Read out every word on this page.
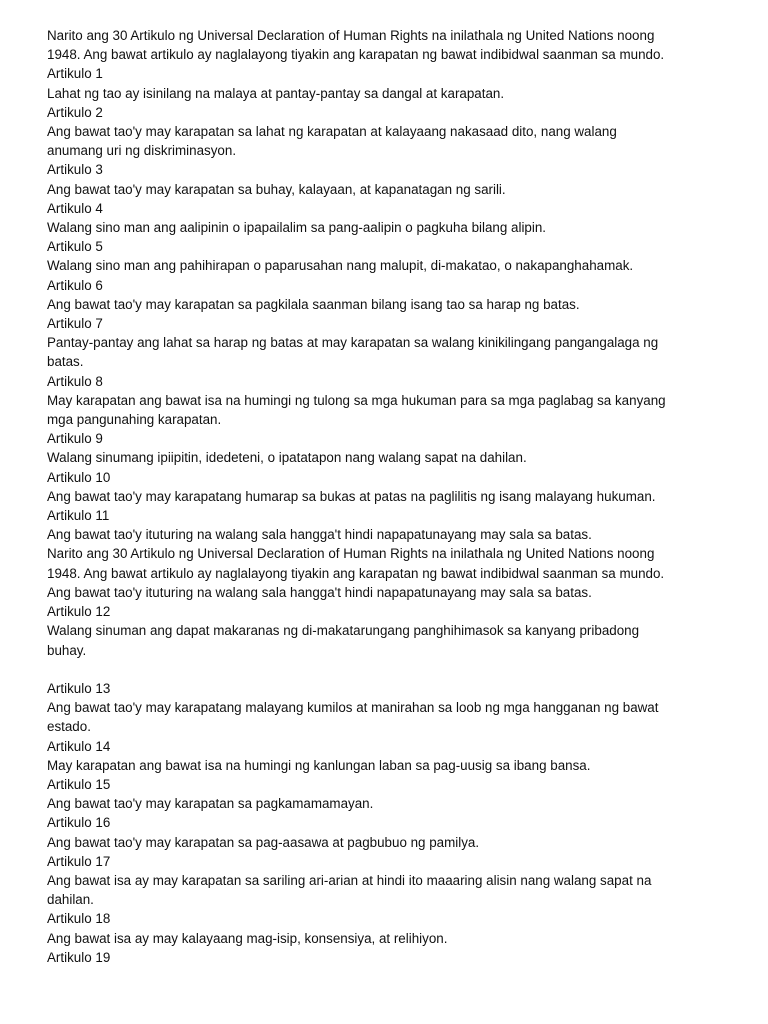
Narito ang 30 Artikulo ng Universal Declaration of Human Rights na inilathala ng United Nations noong
1948. Ang bawat artikulo ay naglalayong tiyakin ang karapatan ng bawat indibidwal saanman sa mundo.
Artikulo 1
Lahat ng tao ay isinilang na malaya at pantay-pantay sa dangal at karapatan.
Artikulo 2
Ang bawat tao'y may karapatan sa lahat ng karapatan at kalayaang nakasaad dito, nang walang
anumang uri ng diskriminasyon.
Artikulo 3
Ang bawat tao'y may karapatan sa buhay, kalayaan, at kapanatagan ng sarili.
Artikulo 4
Walang sino man ang aalipinin o ipapailalim sa pang-aalipin o pagkuha bilang alipin.
Artikulo 5
Walang sino man ang pahihirapan o paparusahan nang malupit, di-makatao, o nakapanghahamak.
Artikulo 6
Ang bawat tao'y may karapatan sa pagkilala saanman bilang isang tao sa harap ng batas.
Artikulo 7
Pantay-pantay ang lahat sa harap ng batas at may karapatan sa walang kinikilingang pangangalaga ng
batas.
Artikulo 8
May karapatan ang bawat isa na humingi ng tulong sa mga hukuman para sa mga paglabag sa kanyang
mga pangunahing karapatan.
Artikulo 9
Walang sinumang ipiipitin, idedeteni, o ipatatapon nang walang sapat na dahilan.
Artikulo 10
Ang bawat tao'y may karapatang humarap sa bukas at patas na paglilitis ng isang malayang hukuman.
Artikulo 11
Ang bawat tao'y ituturing na walang sala hangga't hindi napapatunayang may sala sa batas.
Narito ang 30 Artikulo ng Universal Declaration of Human Rights na inilathala ng United Nations noong
1948. Ang bawat artikulo ay naglalayong tiyakin ang karapatan ng bawat indibidwal saanman sa mundo.
Ang bawat tao'y ituturing na walang sala hangga't hindi napapatunayang may sala sa batas.
Artikulo 12
Walang sinuman ang dapat makaranas ng di-makatarungang panghihimasok sa kanyang pribadong
buhay.
Artikulo 13
Ang bawat tao'y may karapatang malayang kumilos at manirahan sa loob ng mga hangganan ng bawat
estado.
Artikulo 14
May karapatan ang bawat isa na humingi ng kanlungan laban sa pag-uusig sa ibang bansa.
Artikulo 15
Ang bawat tao'y may karapatan sa pagkamamamayan.
Artikulo 16
Ang bawat tao'y may karapatan sa pag-aasawa at pagbubuo ng pamilya.
Artikulo 17
Ang bawat isa ay may karapatan sa sariling ari-arian at hindi ito maaaring alisin nang walang sapat na
dahilan.
Artikulo 18
Ang bawat isa ay may kalayaang mag-isip, konsensiya, at relihiyon.
Artikulo 19
